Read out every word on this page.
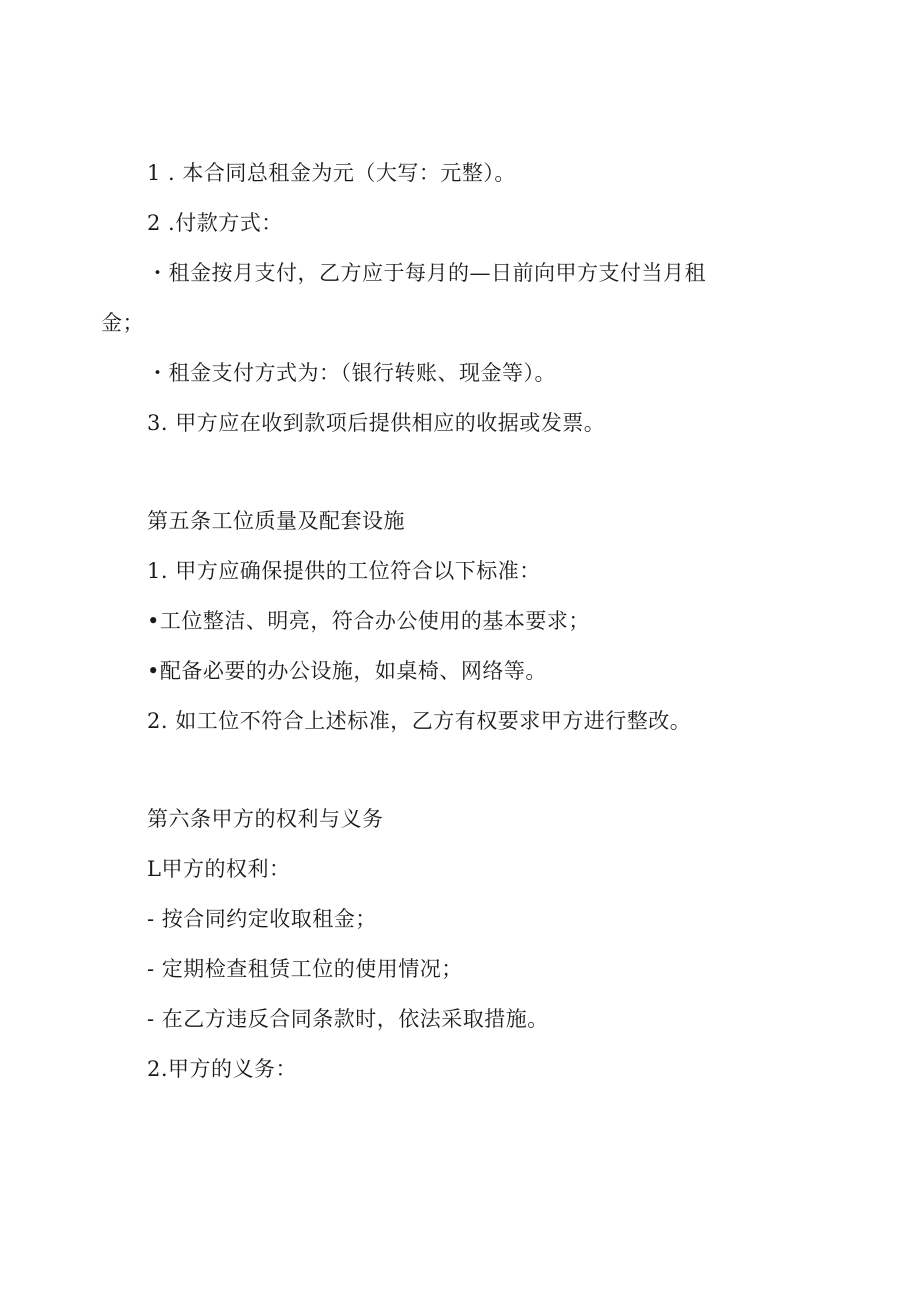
1 . 本合同总租金为元（大写：元整）。
2 .付款方式：
・租金按月支付，乙方应于每月的—日前向甲方支付当月租
金；
・租金支付方式为：（银行转账、现金等）。
3. 甲方应在收到款项后提供相应的收据或发票。
第五条工位质量及配套设施
1. 甲方应确保提供的工位符合以下标准：
•工位整洁、明亮，符合办公使用的基本要求；
•配备必要的办公设施，如桌椅、网络等。
2. 如工位不符合上述标准，乙方有权要求甲方进行整改。
第六条甲方的权利与义务
L甲方的权利：
- 按合同约定收取租金；
- 定期检查租赁工位的使用情况；
- 在乙方违反合同条款时，依法采取措施。
2.甲方的义务：
